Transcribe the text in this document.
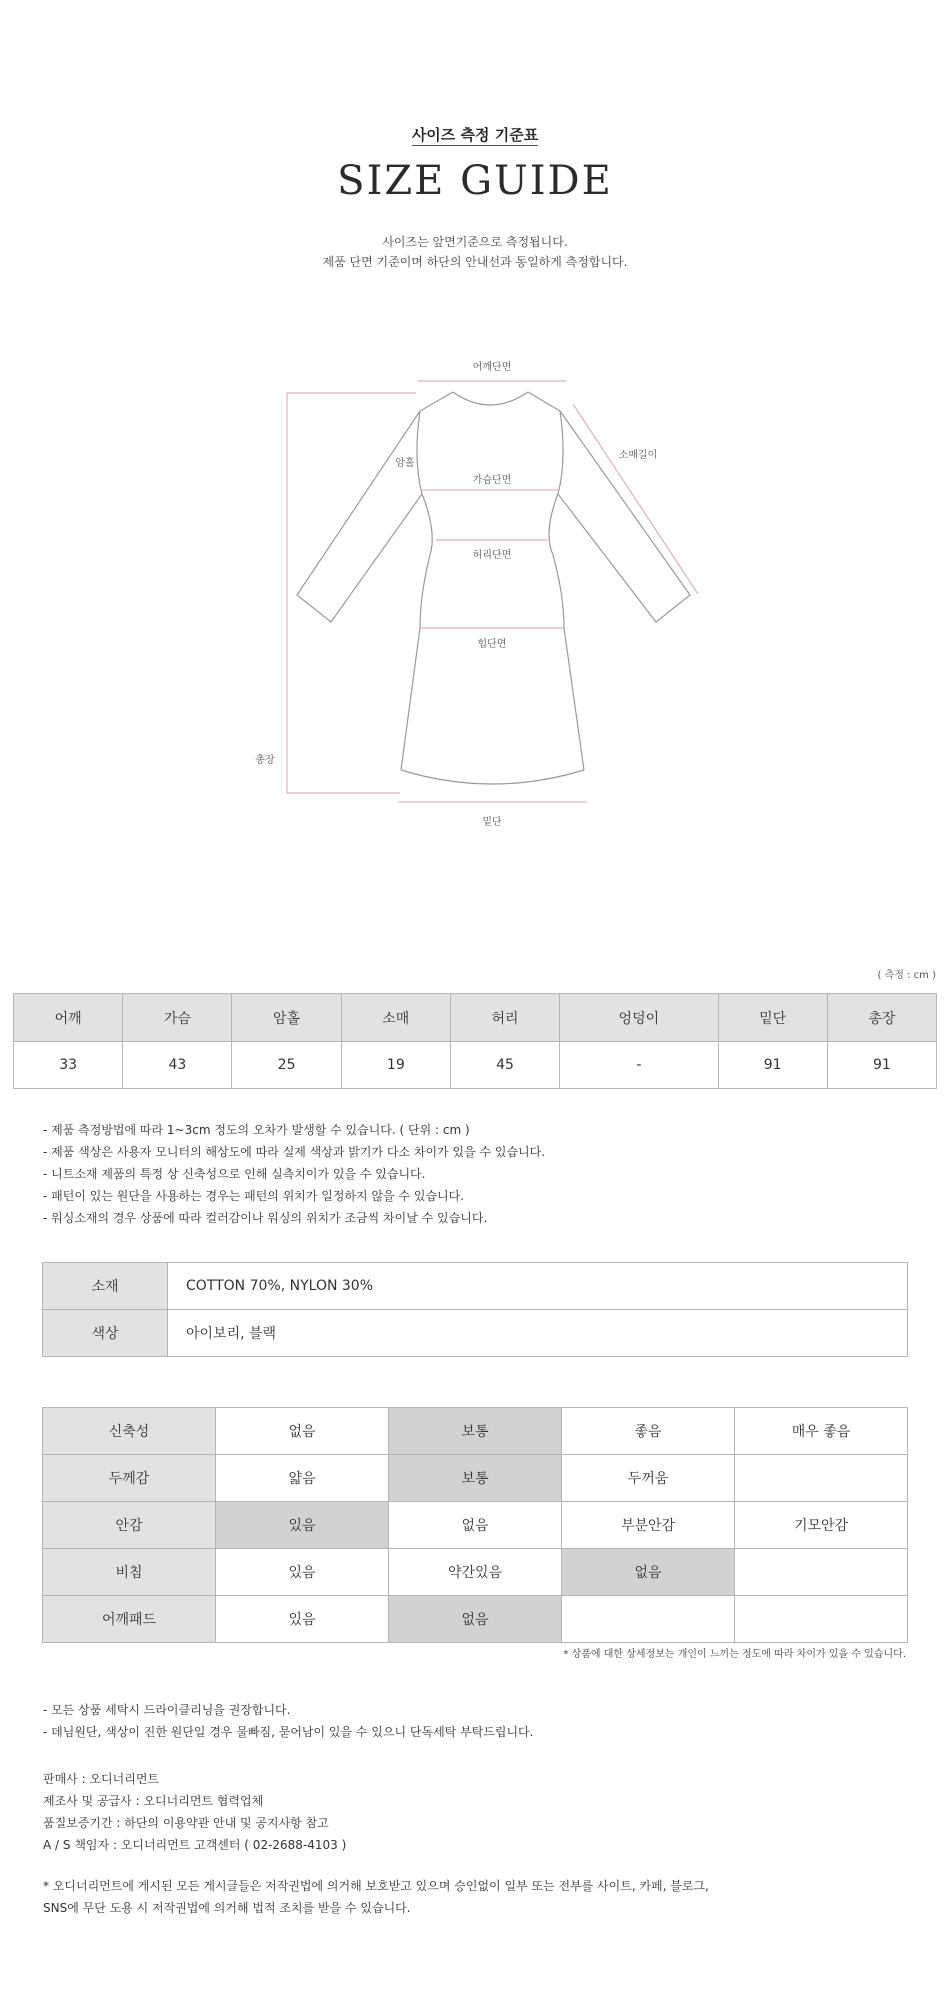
사이즈 측정 기준표
SIZE GUIDE
사이즈는 앞면기준으로 측정됩니다.
제품 단면 기준이며 하단의 안내선과 동일하게 측정합니다.
어깨단면
암홀
소매길이
가슴단면
허리단면
힙단면
총장
밑단
( 측정 : cm )
어깨	가슴	암홀	소매	허리	엉덩이	밑단	총장
33	43	25	19	45	-	91	91
- 제품 측정방법에 따라 1~3cm 정도의 오차가 발생할 수 있습니다. ( 단위 : cm )
- 제품 색상은 사용자 모니터의 해상도에 따라 실제 색상과 밝기가 다소 차이가 있을 수 있습니다.
- 니트소재 제품의 특정 상 신축성으로 인해 실측치이가 있을 수 있습니다.
- 패턴이 있는 원단을 사용하는 경우는 패턴의 위치가 일정하지 않을 수 있습니다.
- 워싱소재의 경우 상품에 따라 컬러감이나 워싱의 위치가 조금씩 차이날 수 있습니다.
소재	COTTON 70%, NYLON 30%
색상	아이보리, 블랙
신축성	없음	보통	좋음	매우 좋음
두께감	얇음	보통	두꺼움	
안감	있음	없음	부분안감	기모안감
비침	있음	약간있음	없음	
어깨패드	있음	없음		
* 상품에 대한 상세정보는 개인이 느끼는 정도에 따라 차이가 있을 수 있습니다.
- 모든 상품 세탁시 드라이클리닝을 권장합니다.
- 데님원단, 색상이 진한 원단일 경우 물빠짐, 묻어남이 있을 수 있으니 단독세탁 부탁드립니다.
판매사 : 오디너리먼트
제조사 및 공급사 : 오디너리먼트 협력업체
품질보증기간 : 하단의 이용약관 안내 및 공지사항 참고
A / S 책임자 : 오디너리먼트 고객센터 ( 02-2688-4103 )
* 오디너리먼트에 게시된 모든 게시글들은 저작권법에 의거해 보호받고 있으며 승인없이 일부 또는 전부를 사이트, 카페, 블로그,
SNS에 무단 도용 시 저작권법에 의거해 법적 조치를 받을 수 있습니다.
